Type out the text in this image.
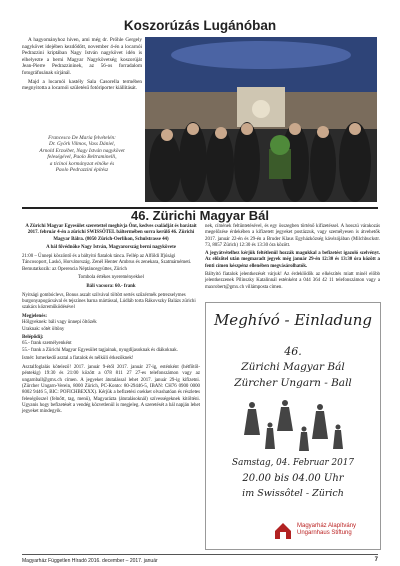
Koszorúzás Lugánóban

A hagyományhoz híven, ami még dr. Pröhle Gergely nagykövet idejében kezdődött, november 4-én a locarnói Pedrazzini kriptában Nagy István nagykövet idén is elhelyezte a berni Magyar Nagykövetség koszorúját Jean-Pierre Pedrazzininek, az 56-os forradalom fotográfusának sírjánál.

Majd a locarnói kastély Sala Casorella termében megnyitotta a locarnói születésű fotóriporter kiállítását.

Francesco De Maria felvételén:
Dr. Györk Vilmos, Vass Dániel,
Arnold Erzsébet, Nagy István nagykövet
feleségével, Paolo Beltraminelli,
a ticinoi kormányzat elnöke és
Paolo Pedrazzini építész
46. Zürichi Magyar Bál

A Zürichi Magyar Egyesület szeretettel meghívja Önt, kedves családját és barátait 2017. február 4-én a zürichi SWISSÖTEL báltermében sorra kerülő 46. Zürichi Magyar Bálra. (8050 Zürich-Oerlikon, Schulstrasse 44)

A bál fővédnöke Nagy István, Magyarország berni nagykövete

21:00 – Ünnepi köszöntő és a báltyitó fiatalok tánca. Fellép az Alföldi Ifjúsági Táncosoport, Laskó, Horvátország. Zenél Henter Ambrus és zenekara, Szatmárnémeti. Bemutatkozik: az Operencia Néptáncegyüttes, Zürich

Tombola értékes nyereményekkel

Báli vacsora: 60.- frank

Nyitsági gombóclevs, Bonus aszalt szilvával töltött sertés szűzérmék petrezselymes burgonyapogácsával és tejszínes barna mártással, Lúdláb torta Rákovszky Balázs zürichi szakács közreműködésével

Megjelenés:

Hölgyeknek: báli vagy ünnepi öltözék
Uraknak: sötét öltöny

Belépődíj:

65.- frank személyenként
55.- frank a Zürichi Magyar Egyesület tagjainak, nyugdíjasoknak és diákoknak.

Ismét: Ismerkedő asztal a fiatalok és nélküli érkezőknek!

Asztalfoglalás kötelező! 2017. január 9-étől 2017. január 27-ig, esténként (hétfőtől-péntekig) 19:30 és 21:00 között a 078 811 27 27-es telefonszámon vagy az ungarnball@gmx.ch címen. A jegyeket átutalással lehet 2017. január 29-ig kifizetni. (Zürcher Ungarn-Verein, 8000 Zürich, PC-Konto: 80-29446-5, IBAN: CH76 0900 0000 8002 9446 5, BIC: POFICHBEXXX). Kérjük a befizetési csekket olvashatóan és részletes feleségősszel (felnőtt, tag, menü), Magyarázta (átutalásoknál) szívességeknek kitölténi. Ugyanis hogy befizetését a vendég közvetlenül is megjeleg. A szeretését a bál napján lehet jegyeket mindegyik.

nek, címének feltüntetésével, és egy összegben történő kifizetéssel. A hosszú várakozás megelőzése érdekében a kifizetett jegyeket postázzuk, vagy személyesen is átvehetők 2017. január 22-én és 29-én a Bruder Klaus Egyházközség kávézójában (Milchbuckstr. 73, 8057 Zürich) 12:30 és 13:30 óra között.

A jegyátvételhez kérjük feltétlenül hozzák magukkal a befizetést igazoló szelvényt. Az előzőtel után megmaradt jegyek még január 29-én 12:30 és 13:30 óra között a fenti címen készpénz ellenében megvásárolhatók.

Báltyitó fiatalok jelentkezését várjuk! Az érdeklődők az elkészítés miatt minél előbb jelentkezzenek Pilinszky Katalinnál esténként a 044 364 42 11 telefonszámon vagy a maxrobert@gmx.ch villámposta címen.

Meghívó - Einladung
46.
Zürichi Magyar Bál
Zürcher Ungarn - Ball
Samstag, 04. Februar 2017
20.00 bis 04.00 Uhr
im Swissôtel - Zürich
Magyarház Alapítvány
Ungarnhaus Stiftung
Magyarház Független Híradó 2016. december – 2017. január	7
